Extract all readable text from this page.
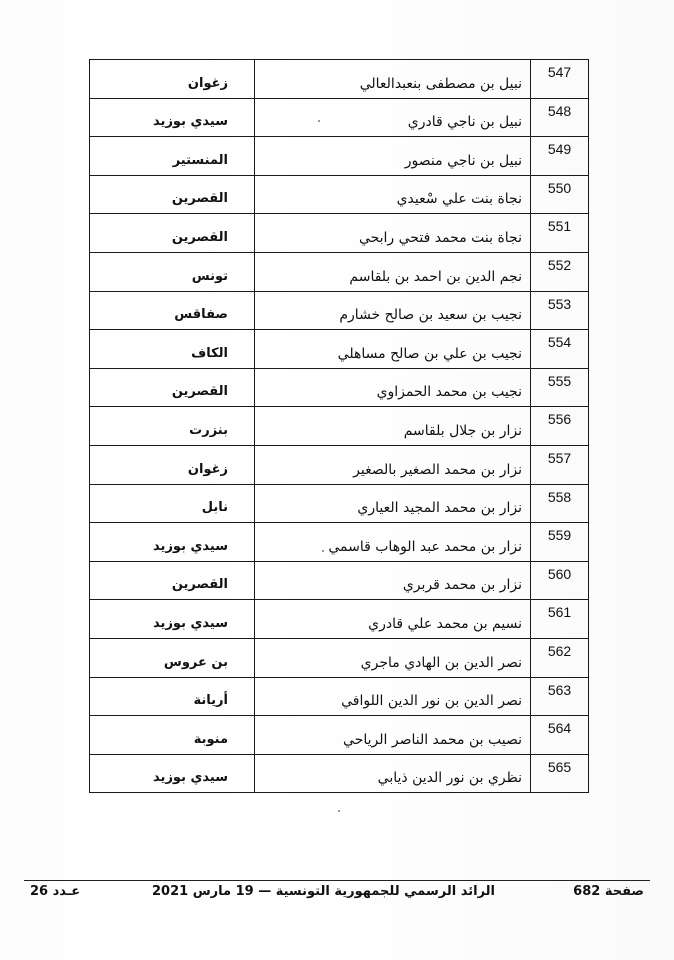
547	نبيل بن مصطفى بنعبدالعالي	زغوان
548	نبيل بن ناجي قادري	سيدي بوزيد
549	نبيل بن ناجي منصور	المنستير
550	نجاة بنت علي سْعيدي	القصرين
551	نجاة بنت محمد فتحي رابحي	القصرين
552	نجم الدين بن احمد بن بلقاسم	تونس
553	نجيب بن سعيد بن صالح خشارم	صفاقس
554	نجيب بن علي بن صالح مساهلي	الكاف
555	نجيب بن محمد الحمزاوي	القصرين
556	نزار بن جلال بلقاسم	بنزرت
557	نزار بن محمد الصغير بالصغير	زغوان
558	نزار بن محمد المجيد العياري	نابل
559	نزار بن محمد عبد الوهاب قاسمي	سيدي بوزيد
560	نزار بن محمد قربري	القصرين
561	نسيم بن محمد علي قادري	سيدي بوزيد
562	نصر الدين بن الهادي ماجري	بن عروس
563	نصر الدين بن نور الدين اللوافي	أريانة
564	نصيب بن محمد الناصر الرياحي	منوبة
565	نظري بن نور الدين ذيابي	سيدي بوزيد
صفحة 682
الرائد الرسمي للجمهورية التونسية — 19 مارس 2021
عـدد 26
